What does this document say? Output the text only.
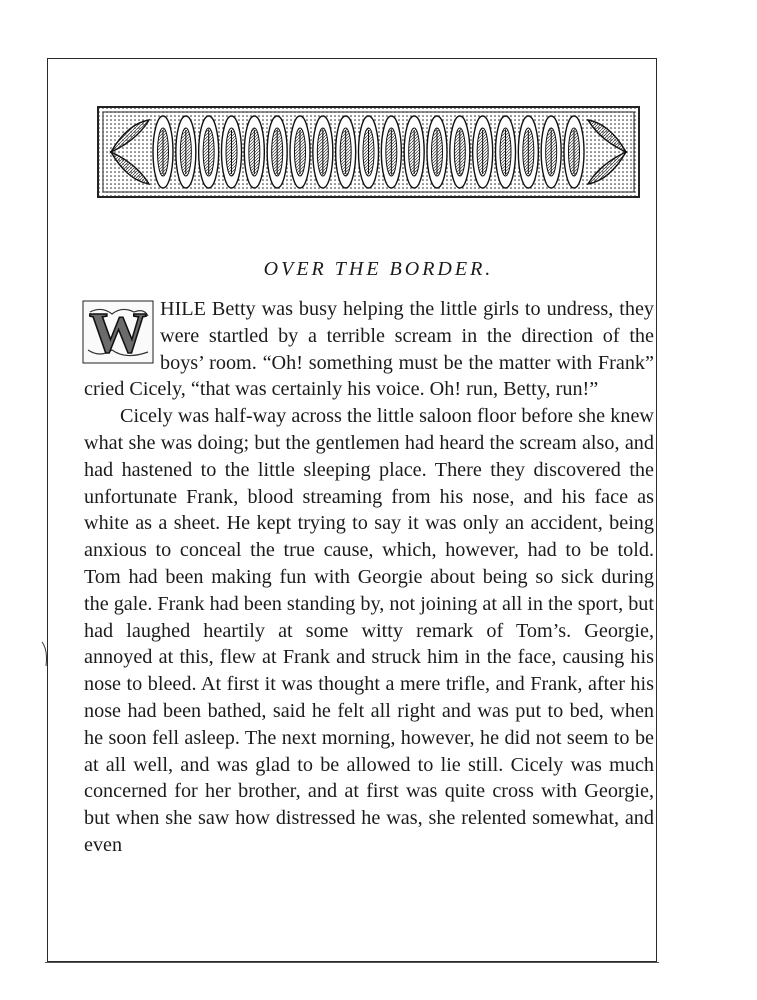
OVER THE BORDER.

W HILE Betty was busy helping the little girls to undress, they were startled by a terrible scream in the direction of the boys’ room. “Oh! something must be the matter with Frank” cried Cicely, “that was certainly his voice. Oh! run, Betty, run!”

Cicely was half-way across the little saloon floor before she knew what she was doing; but the gentlemen had heard the scream also, and had hastened to the little sleeping place. There they discovered the unfortunate Frank, blood streaming from his nose, and his face as white as a sheet. He kept trying to say it was only an accident, being anxious to conceal the true cause, which, however, had to be told. Tom had been making fun with Georgie about being so sick during the gale. Frank had been standing by, not joining at all in the sport, but had laughed heartily at some witty remark of Tom’s. Georgie, annoyed at this, flew at Frank and struck him in the face, causing his nose to bleed. At first it was thought a mere trifle, and Frank, after his nose had been bathed, said he felt all right and was put to bed, when he soon fell asleep. The next morning, however, he did not seem to be at all well, and was glad to be allowed to lie still. Cicely was much concerned for her brother, and at first was quite cross with Georgie, but when she saw how distressed he was, she relented somewhat, and even
